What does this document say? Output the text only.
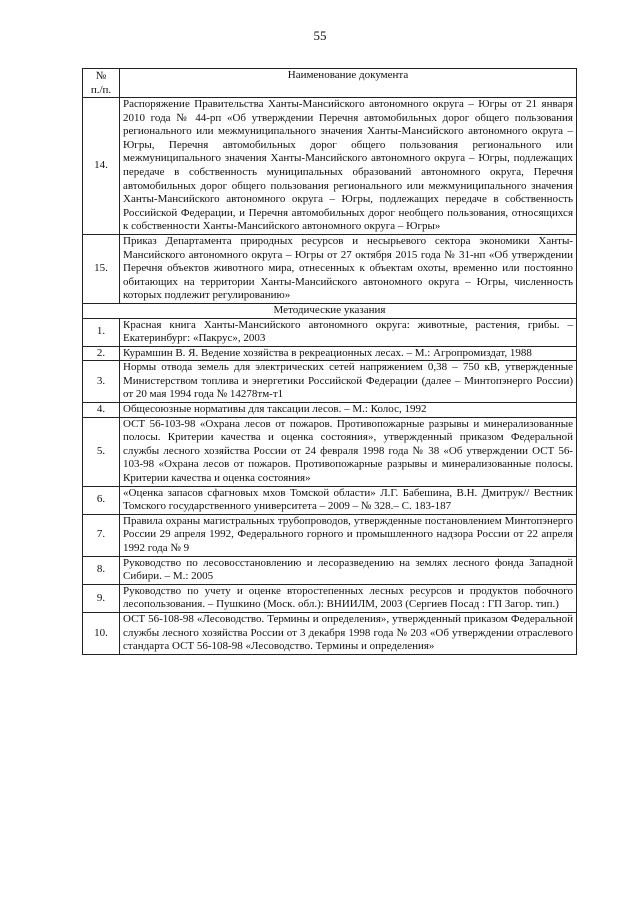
55
№
п./п.	Наименование документа
14.	Распоряжение Правительства Ханты-Мансийского автономного округа – Югры от 21 января 2010 года № 44-рп «Об утверждении Перечня автомобильных дорог общего пользования регионального или межмуниципального значения Ханты-Мансийского автономного округа – Югры, Перечня автомобильных дорог общего пользования регионального или межмуниципального значения Ханты-Мансийского автономного округа – Югры, подлежащих передаче в собственность муниципальных образований автономного округа, Перечня автомобильных дорог общего пользования регионального или межмуниципального значения Ханты-Мансийского автономного округа – Югры, подлежащих передаче в собственность Российской Федерации, и Перечня автомобильных дорог необщего пользования, относящихся к собственности Ханты-Мансийского автономного округа – Югры»
15.	Приказ Департамента природных ресурсов и несырьевого сектора экономики Ханты-Мансийского автономного округа – Югры от 27 октября 2015 года № 31-нп «Об утверждении Перечня объектов животного мира, отнесенных к объектам охоты, временно или постоянно обитающих на территории Ханты-Мансийского автономного округа – Югры, численность которых подлежит регулированию»
Методические указания	
1.	Красная книга Ханты-Мансийского автономного округа: животные, растения, грибы. – Екатеринбург: «Пакрус», 2003
2.	Курамшин В. Я. Ведение хозяйства в рекреационных лесах. – М.: Агропромиздат, 1988
3.	Нормы отвода земель для электрических сетей напряжением 0,38 – 750 кВ, утвержденные Министерством топлива и энергетики Российской Федерации (далее – Минтопэнерго России) от 20 мая 1994 года № 14278тм-т1
4.	Общесоюзные нормативы для таксации лесов. – М.: Колос, 1992
5.	ОСТ 56-103-98 «Охрана лесов от пожаров. Противопожарные разрывы и минерализованные полосы. Критерии качества и оценка состояния», утвержденный приказом Федеральной службы лесного хозяйства России от 24 февраля 1998 года № 38 «Об утверждении ОСТ 56-103-98 «Охрана лесов от пожаров. Противопожарные разрывы и минерализованные полосы. Критерии качества и оценка состояния»
6.	«Оценка запасов сфагновых мхов Томской области» Л.Г. Бабешина, В.Н. Дмитрук// Вестник Томского государственного университета – 2009 – № 328.– С. 183-187
7.	Правила охраны магистральных трубопроводов, утвержденные постановлением Минтопэнерго России 29 апреля 1992, Федерального горного и промышленного надзора России от 22 апреля 1992 года № 9
8.	Руководство по лесовосстановлению и лесоразведению на землях лесного фонда Западной Сибири. – М.: 2005
9.	Руководство по учету и оценке второстепенных лесных ресурсов и продуктов побочного лесопользования. – Пушкино (Моск. обл.): ВНИИЛМ, 2003 (Сергиев Посад : ГП Загор. тип.)
10.	ОСТ 56-108-98 «Лесоводство. Термины и определения», утвержденный приказом Федеральной службы лесного хозяйства России от 3 декабря 1998 года № 203 «Об утверждении отраслевого стандарта ОСТ 56-108-98 «Лесоводство. Термины и определения»
